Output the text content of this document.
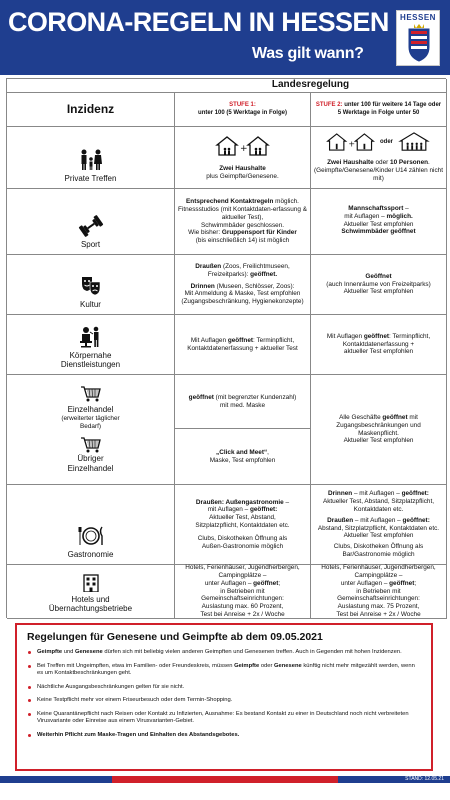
CORONA-REGELN IN HESSEN
Was gilt wann?
HESSEN
Landesregelung
Inzidenz	STUFE 1:
unter 100 (5 Werktage in Folge)
STUFE 2: unter 100 für weitere 14 Tage oder 5 Werktage in Folge unter 50
Private Treffen
+
Zwei Haushalte
plus Geimpfte/Genesene.
+	oder
Zwei Haushalte oder 10 Personen.
(Geimpfte/Genesene/Kinder U14 zählen nicht mit)
Sport
Entsprechend Kontaktregeln möglich.
Fitnessstudios (mit Kontaktdaten-erfassung & aktueller Test),
Schwimmbäder geschlossen.
Wie bisher: Gruppensport für Kinder
(bis einschließlich 14) ist möglich
Mannschaftssport –
mit Auflagen – möglich.
Aktueller Test empfohlen
Schwimmbäder geöffnet
Kultur
Draußen (Zoos, Freilichtmuseen, Freizeitparks): geöffnet.
Drinnen (Museen, Schlösser, Zoos):
Mit Anmeldung & Maske, Test empfohlen
(Zugangsbeschränkung, Hygienekonzepte)
Geöffnet
(auch Innenräume von Freizeitparks)
Aktueller Test empfohlen
Körpernahe Dienstleistungen
Mit Auflagen geöffnet: Terminpflicht,
Kontaktdatenerfassung + aktueller Test
Mit Auflagen geöffnet: Terminpflicht,
Kontaktdatenerfassung +
aktueller Test empfohlen
Einzelhandel
(erweiterter täglicher Bedarf)
Übriger Einzelhandel
geöffnet (mit begrenzter Kundenzahl)
mit med. Maske
„Click and Meet“,
Maske, Test empfohlen
Alle Geschäfte geöffnet mit
Zugangsbeschränkungen und
Maskenpflicht.
Aktueller Test empfohlen
Gastronomie
Draußen: Außengastronomie –
mit Auflagen – geöffnet:
Aktueller Test, Abstand,
Sitzplatzpflicht, Kontaktdaten etc.
Clubs, Diskotheken Öffnung als
Außen-Gastronomie möglich
Drinnen – mit Auflagen – geöffnet:
Aktueller Test, Abstand, Sitzplatzpflicht,
Kontaktdaten etc.
Draußen – mit Auflagen – geöffnet:
Abstand, Sitzplatzpflicht, Kontaktdaten etc.
Aktueller Test empfohlen
Clubs, Diskotheken Öffnung als
Bar/Gastronomie möglich
Hotels und Übernachtungsbetriebe
Hotels, Ferienhäuser, Jugendherbergen,
Campingplätze –
unter Auflagen – geöffnet;
in Betrieben mit
Gemeinschaftseinrichtungen:
Auslastung max. 60 Prozent,
Test bei Anreise + 2x / Woche
Hotels, Ferienhäuser, Jugendherbergen,
Campingplätze –
unter Auflagen – geöffnet;
in Betrieben mit
Gemeinschaftseinrichtungen:
Auslastung max. 75 Prozent,
Test bei Anreise + 2x / Woche
Regelungen für Genesene und Geimpfte ab dem 09.05.2021
Geimpfte und Genesene dürfen sich mit beliebig vielen anderen Geimpften und Genesenen treffen. Auch in Gegenden mit hohen Inzidenzen.
Bei Treffen mit Ungeimpften, etwa im Familien- oder Freundeskreis, müssen Geimpfte oder Genesene künftig nicht mehr mitgezählt werden, wenn es um Kontaktbeschränkungen geht.
Nächtliche Ausgangsbeschränkungen gelten für sie nicht.
Keine Testpflicht mehr vor einem Friseurbesuch oder dem Termin-Shopping.
Keine Quarantänepflicht nach Reisen oder Kontakt zu Infizierten, Ausnahme: Es bestand Kontakt zu einer in Deutschland noch nicht verbreiteten Virusvariante oder Einreise aus einem Virusvarianten-Gebiet.
Weiterhin Pflicht zum Maske-Tragen und Einhalten des Abstandsgebotes.
STAND: 12.05.21
